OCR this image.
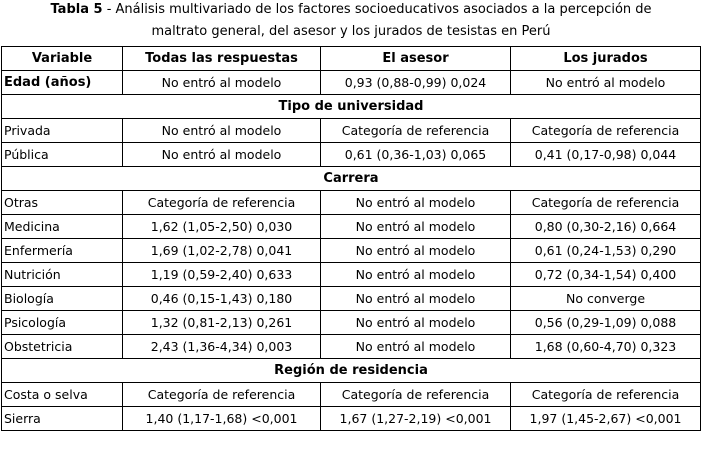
Tabla 5 - Análisis multivariado de los factores socioeducativos asociados a la percepción de
maltrato general, del asesor y los jurados de tesistas en Perú
Variable	Todas las respuestas	El asesor	Los jurados
Edad (años)	No entró al modelo	0,93 (0,88-0,99) 0,024	No entró al modelo
Tipo de universidad			
Privada	No entró al modelo	Categoría de referencia	Categoría de referencia
Pública	No entró al modelo	0,61 (0,36-1,03) 0,065	0,41 (0,17-0,98) 0,044
Carrera			
Otras	Categoría de referencia	No entró al modelo	Categoría de referencia
Medicina	1,62 (1,05-2,50) 0,030	No entró al modelo	0,80 (0,30-2,16) 0,664
Enfermería	1,69 (1,02-2,78) 0,041	No entró al modelo	0,61 (0,24-1,53) 0,290
Nutrición	1,19 (0,59-2,40) 0,633	No entró al modelo	0,72 (0,34-1,54) 0,400
Biología	0,46 (0,15-1,43) 0,180	No entró al modelo	No converge
Psicología	1,32 (0,81-2,13) 0,261	No entró al modelo	0,56 (0,29-1,09) 0,088
Obstetricia	2,43 (1,36-4,34) 0,003	No entró al modelo	1,68 (0,60-4,70) 0,323
Región de residencia			
Costa o selva	Categoría de referencia	Categoría de referencia	Categoría de referencia
Sierra	1,40 (1,17-1,68) <0,001	1,67 (1,27-2,19) <0,001	1,97 (1,45-2,67) <0,001
